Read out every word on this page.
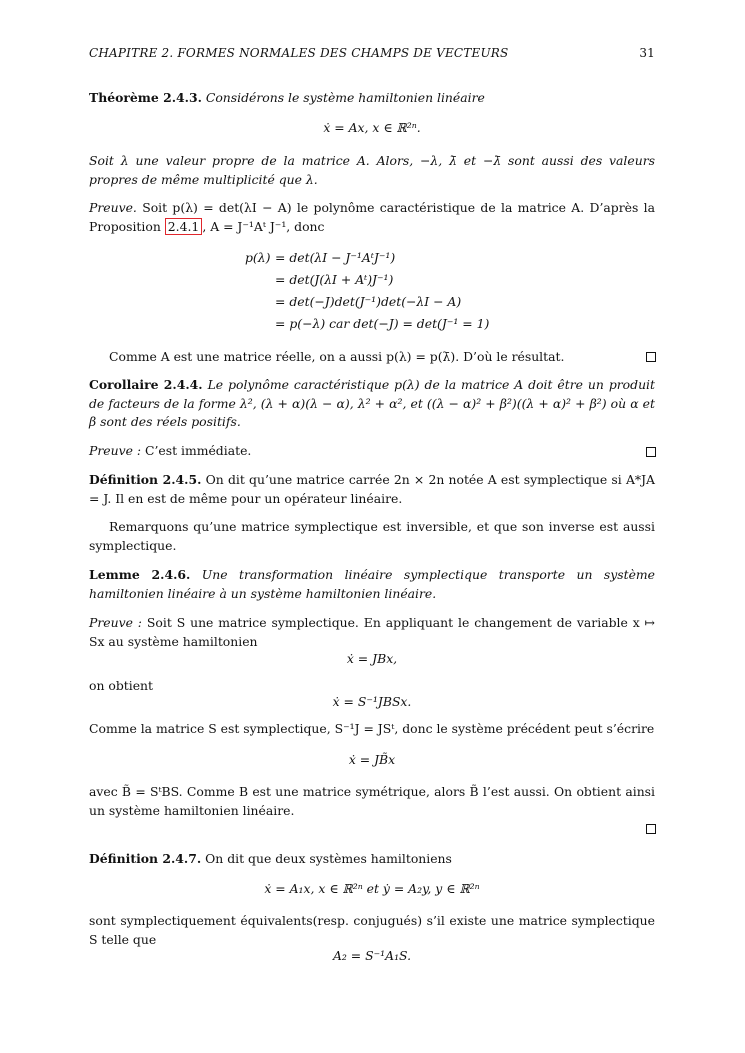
CHAPITRE 2. FORMES NORMALES DES CHAMPS DE VECTEURS	31
Théorème 2.4.3. Considérons le système hamiltonien linéaire
ẋ = Ax, x ∈ ℝ²ⁿ.
Soit λ une valeur propre de la matrice A. Alors, −λ, λ̄ et −λ̄ sont aussi des valeurs propres de même multiplicité que λ.
Preuve. Soit p(λ) = det(λI − A) le polynôme caractéristique de la matrice A. D’après la Proposition 2.4.1 , A = J⁻¹Aᵗ J⁻¹, donc
p(λ) = det(λI − J⁻¹AᵗJ⁻¹)
= det(J(λI + Aᵗ)J⁻¹)
= det(−J)det(J⁻¹)det(−λI − A)
= p(−λ) car det(−J) = det(J⁻¹ = 1)
Comme A est une matrice réelle, on a aussi p(λ) = p(λ̄). D’où le résultat.
Corollaire 2.4.4. Le polynôme caractéristique p(λ) de la matrice A doit être un produit de facteurs de la forme λ², (λ + α)(λ − α), λ² + α², et ((λ − α)² + β²)((λ + α)² + β²) où α et β sont des réels positifs.
Preuve : C’est immédiate.
Définition 2.4.5. On dit qu’une matrice carrée 2n × 2n notée A est symplectique si A*JA = J. Il en est de même pour un opérateur linéaire.
Remarquons qu’une matrice symplectique est inversible, et que son inverse est aussi symplectique.
Lemme 2.4.6. Une transformation linéaire symplectique transporte un système hamiltonien linéaire à un système hamiltonien linéaire.
Preuve : Soit S une matrice symplectique. En appliquant le changement de variable x ↦ Sx au système hamiltonien
ẋ = JBx,
on obtient
ẋ = S⁻¹JBSx.
Comme la matrice S est symplectique, S⁻¹J = JSᵗ, donc le système précédent peut s’écrire
ẋ = JB̃x
avec B̃ = SᵗBS. Comme B est une matrice symétrique, alors B̃ l’est aussi. On obtient ainsi un système hamiltonien linéaire.
Définition 2.4.7. On dit que deux systèmes hamiltoniens
ẋ = A₁x, x ∈ ℝ²ⁿ et ẏ = A₂y, y ∈ ℝ²ⁿ
sont symplectiquement équivalents(resp. conjugués) s’il existe une matrice symplectique S telle que
A₂ = S⁻¹A₁S.
